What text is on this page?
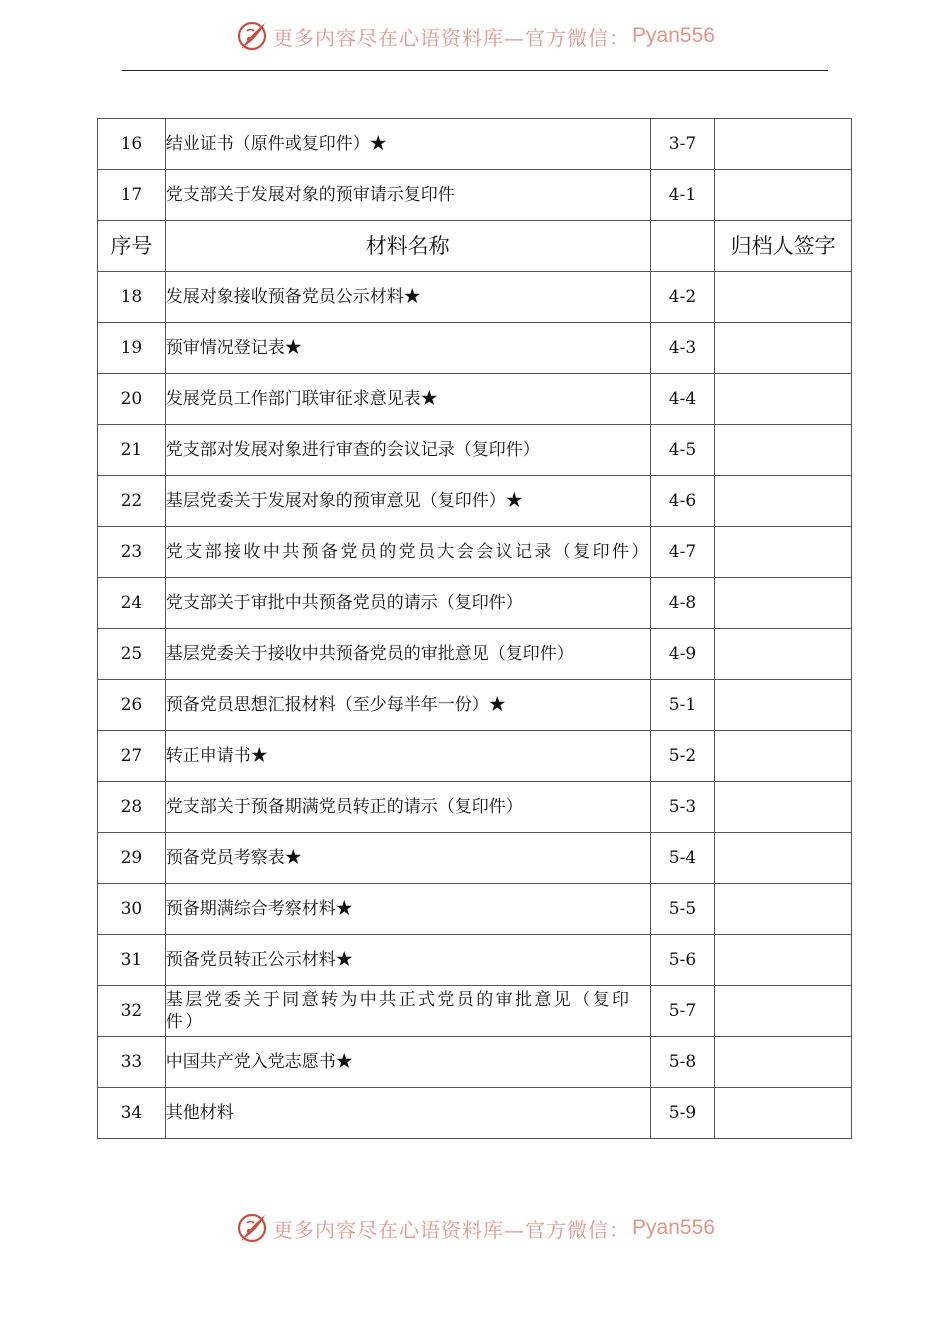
更多内容尽在心语资料库—官方微信： Pyan556
16	结业证书（原件或复印件）★	3-7	
17	党支部关于发展对象的预审请示复印件	4-1	
序号	材料名称		归档人签字
18	发展对象接收预备党员公示材料★	4-2	
19	预审情况登记表★	4-3	
20	发展党员工作部门联审征求意见表★	4-4	
21	党支部对发展对象进行审查的会议记录（复印件）	4-5	
22	基层党委关于发展对象的预审意见（复印件）★	4-6	
23	党支部接收中共预备党员的党员大会会议记录（复印件）	4-7	
24	党支部关于审批中共预备党员的请示（复印件）	4-8	
25	基层党委关于接收中共预备党员的审批意见（复印件）	4-9	
26	预备党员思想汇报材料（至少每半年一份）★	5-1	
27	转正申请书★	5-2	
28	党支部关于预备期满党员转正的请示（复印件）	5-3	
29	预备党员考察表★	5-4	
30	预备期满综合考察材料★	5-5	
31	预备党员转正公示材料★	5-6	
32	基层党委关于同意转为中共正式党员的审批意见（复印件）	5-7	
33	中国共产党入党志愿书★	5-8	
34	其他材料	5-9	
更多内容尽在心语资料库—官方微信： Pyan556
